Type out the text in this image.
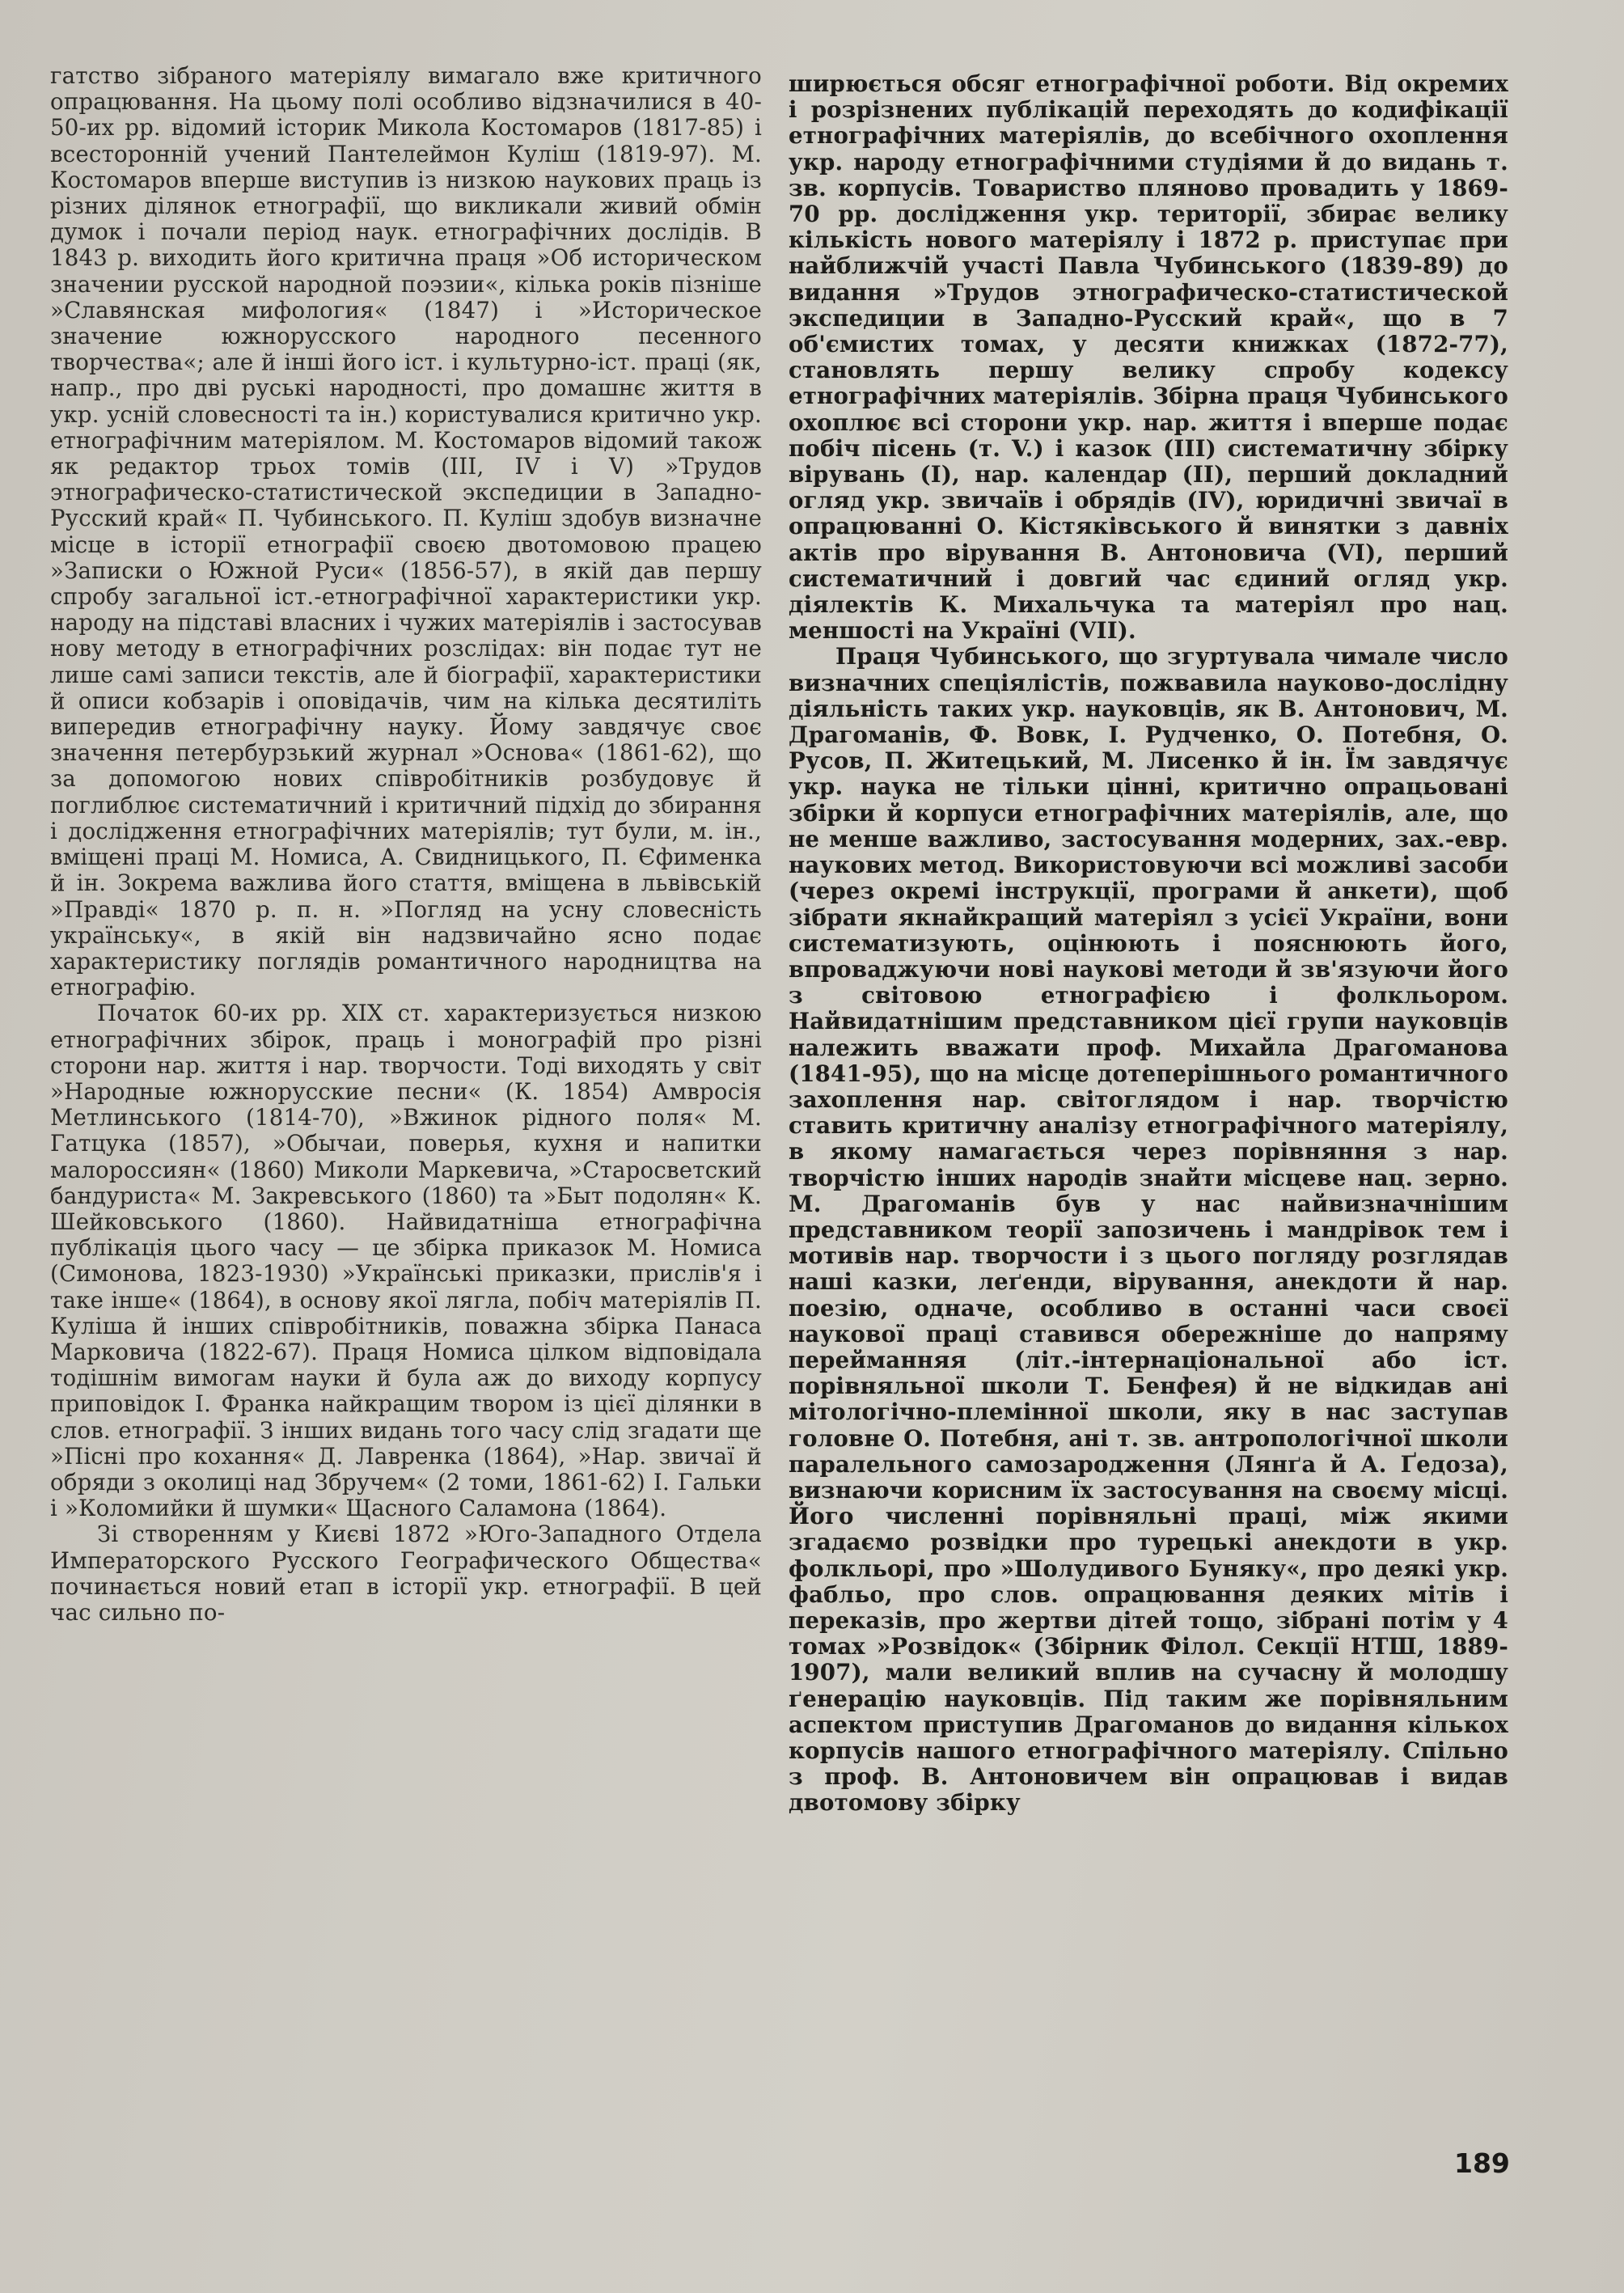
гатство зібраного матеріялу вимагало вже критичного опрацювання. На цьому полі особливо відзначилися в 40-50-их рр. відомий історик Микола Костомаров (1817-85) і всесторонній учений Пантелеймон Куліш (1819-97). М. Костомаров вперше виступив із низкою наукових праць із різних ділянок етнографії, що викликали живий обмін думок і почали період наук. етнографічних дослідів. В 1843 р. виходить його критична праця »Об историческом значении русской народной поэзии«, кілька років пізніше »Славянская мифология« (1847) і »Историческое значение южнорусского народного песенного творчества«; але й інші його іст. і культурно-іст. праці (як, напр., про дві руські народності, про домашнє життя в укр. усній словесності та ін.) користувалися критично укр. етнографічним матеріялом. М. Костомаров відомий також як редактор трьох томів (ІІІ, ІV і V) »Трудов этнографическо-статистической экспедиции в Западно-Русский край« П. Чубинського. П. Куліш здобув визначне місце в історії етнографії своєю двотомовою працею »Записки о Южной Руси« (1856-57), в якій дав першу спробу загальної іст.-етнографічної характеристики укр. народу на підставі власних і чужих матеріялів і застосував нову методу в етнографічних розслідах: він подає тут не лише самі записи текстів, але й біографії, характеристики й описи кобзарів і оповідачів, чим на кілька десятиліть випередив етнографічну науку. Йому завдячує своє значення петербурзький журнал »Основа« (1861-62), що за допомогою нових співробітників розбудовує й поглиблює систематичний і критичний підхід до збирання і дослідження етнографічних матеріялів; тут були, м. ін., вміщені праці М. Номиса, А. Свидницького, П. Єфименка й ін. Зокрема важлива його стаття, вміщена в львівській »Правді« 1870 р. п. н. »Погляд на усну словесність українську«, в якій він надзвичайно ясно подає характеристику поглядів романтичного народництва на етнографію.

Початок 60-их рр. XIX ст. характеризується низкою етнографічних збірок, праць і монографій про різні сторони нар. життя і нар. творчости. Тоді виходять у світ »Народные южнорусские песни« (К. 1854) Амвросія Метлинського (1814-70), »Вжинок рідного поля« М. Гатцука (1857), »Обычаи, поверья, кухня и напитки малороссиян« (1860) Миколи Маркевича, »Старосветский бандуриста« М. Закревського (1860) та »Быт подолян« К. Шейковського (1860). Найвидатніша етнографічна публікація цього часу — це збірка приказок М. Номиса (Симонова, 1823-1930) »Українські приказки, прислів'я і таке інше« (1864), в основу якої лягла, побіч матеріялів П. Куліша й інших співробітників, поважна збірка Панаса Марковича (1822-67). Праця Номиса цілком відповідала тодішнім вимогам науки й була аж до виходу корпусу приповідок І. Франка найкращим твором із цієї ділянки в слов. етнографії. З інших видань того часу слід згадати ще »Пісні про кохання« Д. Лавренка (1864), »Нар. звичаї й обряди з околиці над Збручем« (2 томи, 1861-62) І. Гальки і »Коломийки й шумки« Щасного Саламона (1864).

Зі створенням у Києві 1872 »Юго-Западного Отдела Императорского Русского Географического Общества« починається новий етап в історії укр. етнографії. В цей час сильно по-

ширюється обсяг етнографічної роботи. Від окремих і розрізнених публікацій переходять до кодифікації етнографічних матеріялів, до всебічного охоплення укр. народу етнографічними студіями й до видань т. зв. корпусів. Товариство пляново провадить у 1869-70 рр. дослідження укр. території, збирає велику кількість нового матеріялу і 1872 р. приступає при найближчій участі Павла Чубинського (1839-89) до видання »Трудов этнографическо-статистической экспедиции в Западно-Русский край«, що в 7 об'ємистих томах, у десяти книжках (1872-77), становлять першу велику спробу кодексу етнографічних матеріялів. Збірна праця Чубинського охоплює всі сторони укр. нар. життя і вперше подає побіч пісень (т. V.) і казок (III) систематичну збірку вірувань (I), нар. календар (II), перший докладний огляд укр. звичаїв і обрядів (IV), юридичні звичаї в опрацюванні О. Кістяківського й винятки з давніх актів про вірування В. Антоновича (VI), перший систематичний і довгий час єдиний огляд укр. діялектів К. Михальчука та матеріял про нац. меншості на Україні (VII).

Праця Чубинського, що згуртувала чимале число визначних спеціялістів, пожвавила науково-дослідну діяльність таких укр. науковців, як В. Антонович, М. Драгоманів, Ф. Вовк, І. Рудченко, О. Потебня, О. Русов, П. Житецький, М. Лисенко й ін. Їм завдячує укр. наука не тільки цінні, критично опрацьовані збірки й корпуси етнографічних матеріялів, але, що не менше важливо, застосування модерних, зах.-евр. наукових метод. Використовуючи всі можливі засоби (через окремі інструкції, програми й анкети), щоб зібрати якнайкращий матеріял з усієї України, вони систематизують, оцінюють і пояснюють його, впроваджуючи нові наукові методи й зв'язуючи його з світовою етнографією і фолкльором. Найвидатнішим представником цієї групи науковців належить вважати проф. Михайла Драгоманова (1841-95), що на місце дотеперішнього романтичного захоплення нар. світоглядом і нар. творчістю ставить критичну аналізу етнографічного матеріялу, в якому намагається через порівняння з нар. творчістю інших народів знайти місцеве нац. зерно. М. Драгоманів був у нас найвизначнішим представником теорії запозичень і мандрівок тем і мотивів нар. творчости і з цього погляду розглядав наші казки, леґенди, вірування, анекдоти й нар. поезію, одначе, особливо в останні часи своєї наукової праці ставився обережніше до напряму перейманняя (літ.-інтернаціональної або іст. порівняльної школи Т. Бенфея) й не відкидав ані мітологічно-племінної школи, яку в нас заступав головне О. Потебня, ані т. зв. антропологічної школи паралельного самозародження (Лянґа й А. Ґедоза), визнаючи корисним їх застосування на своєму місці. Його численні порівняльні праці, між якими згадаємо розвідки про турецькі анекдоти в укр. фолкльорі, про »Шолудивого Буняку«, про деякі укр. фабльо, про слов. опрацювання деяких мітів і переказів, про жертви дітей тощо, зібрані потім у 4 томах »Розвідок« (Збірник Філол. Секції НТШ, 1889-1907), мали великий вплив на сучасну й молодшу ґенерацію науковців. Під таким же порівняльним аспектом приступив Драгоманов до видання кількох корпусів нашого етнографічного матеріялу. Спільно з проф. В. Антоновичем він опрацював і видав двотомову збірку

189
